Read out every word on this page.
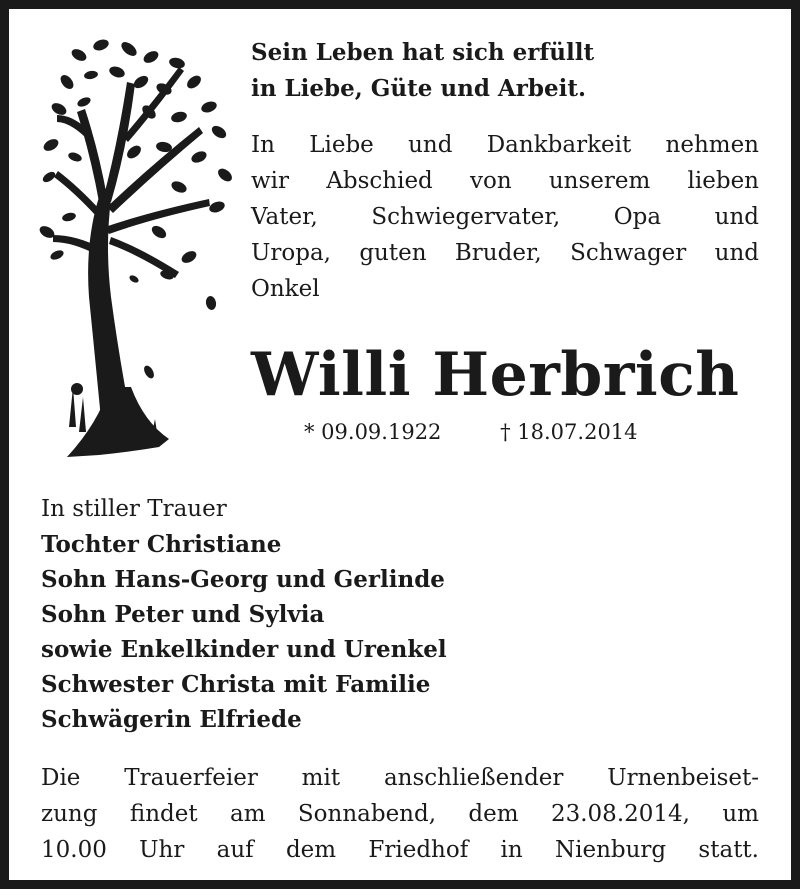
Sein Leben hat sich erfüllt
in Liebe, Güte und Arbeit.
In Liebe und Dankbarkeit nehmen
wir Abschied von unserem lieben
Vater, Schwiegervater, Opa und
Uropa, guten Bruder, Schwager und
Onkel
Willi Herbrich
* 09.09.1922	† 18.07.2014
In stiller Trauer
Tochter Christiane
Sohn Hans-Georg und Gerlinde
Sohn Peter und Sylvia
sowie Enkelkinder und Urenkel
Schwester Christa mit Familie
Schwägerin Elfriede
Die Trauerfeier mit anschließender Urnenbeiset-
zung findet am Sonnabend, dem 23.08.2014, um
10.00 Uhr auf dem Friedhof in Nienburg statt.
